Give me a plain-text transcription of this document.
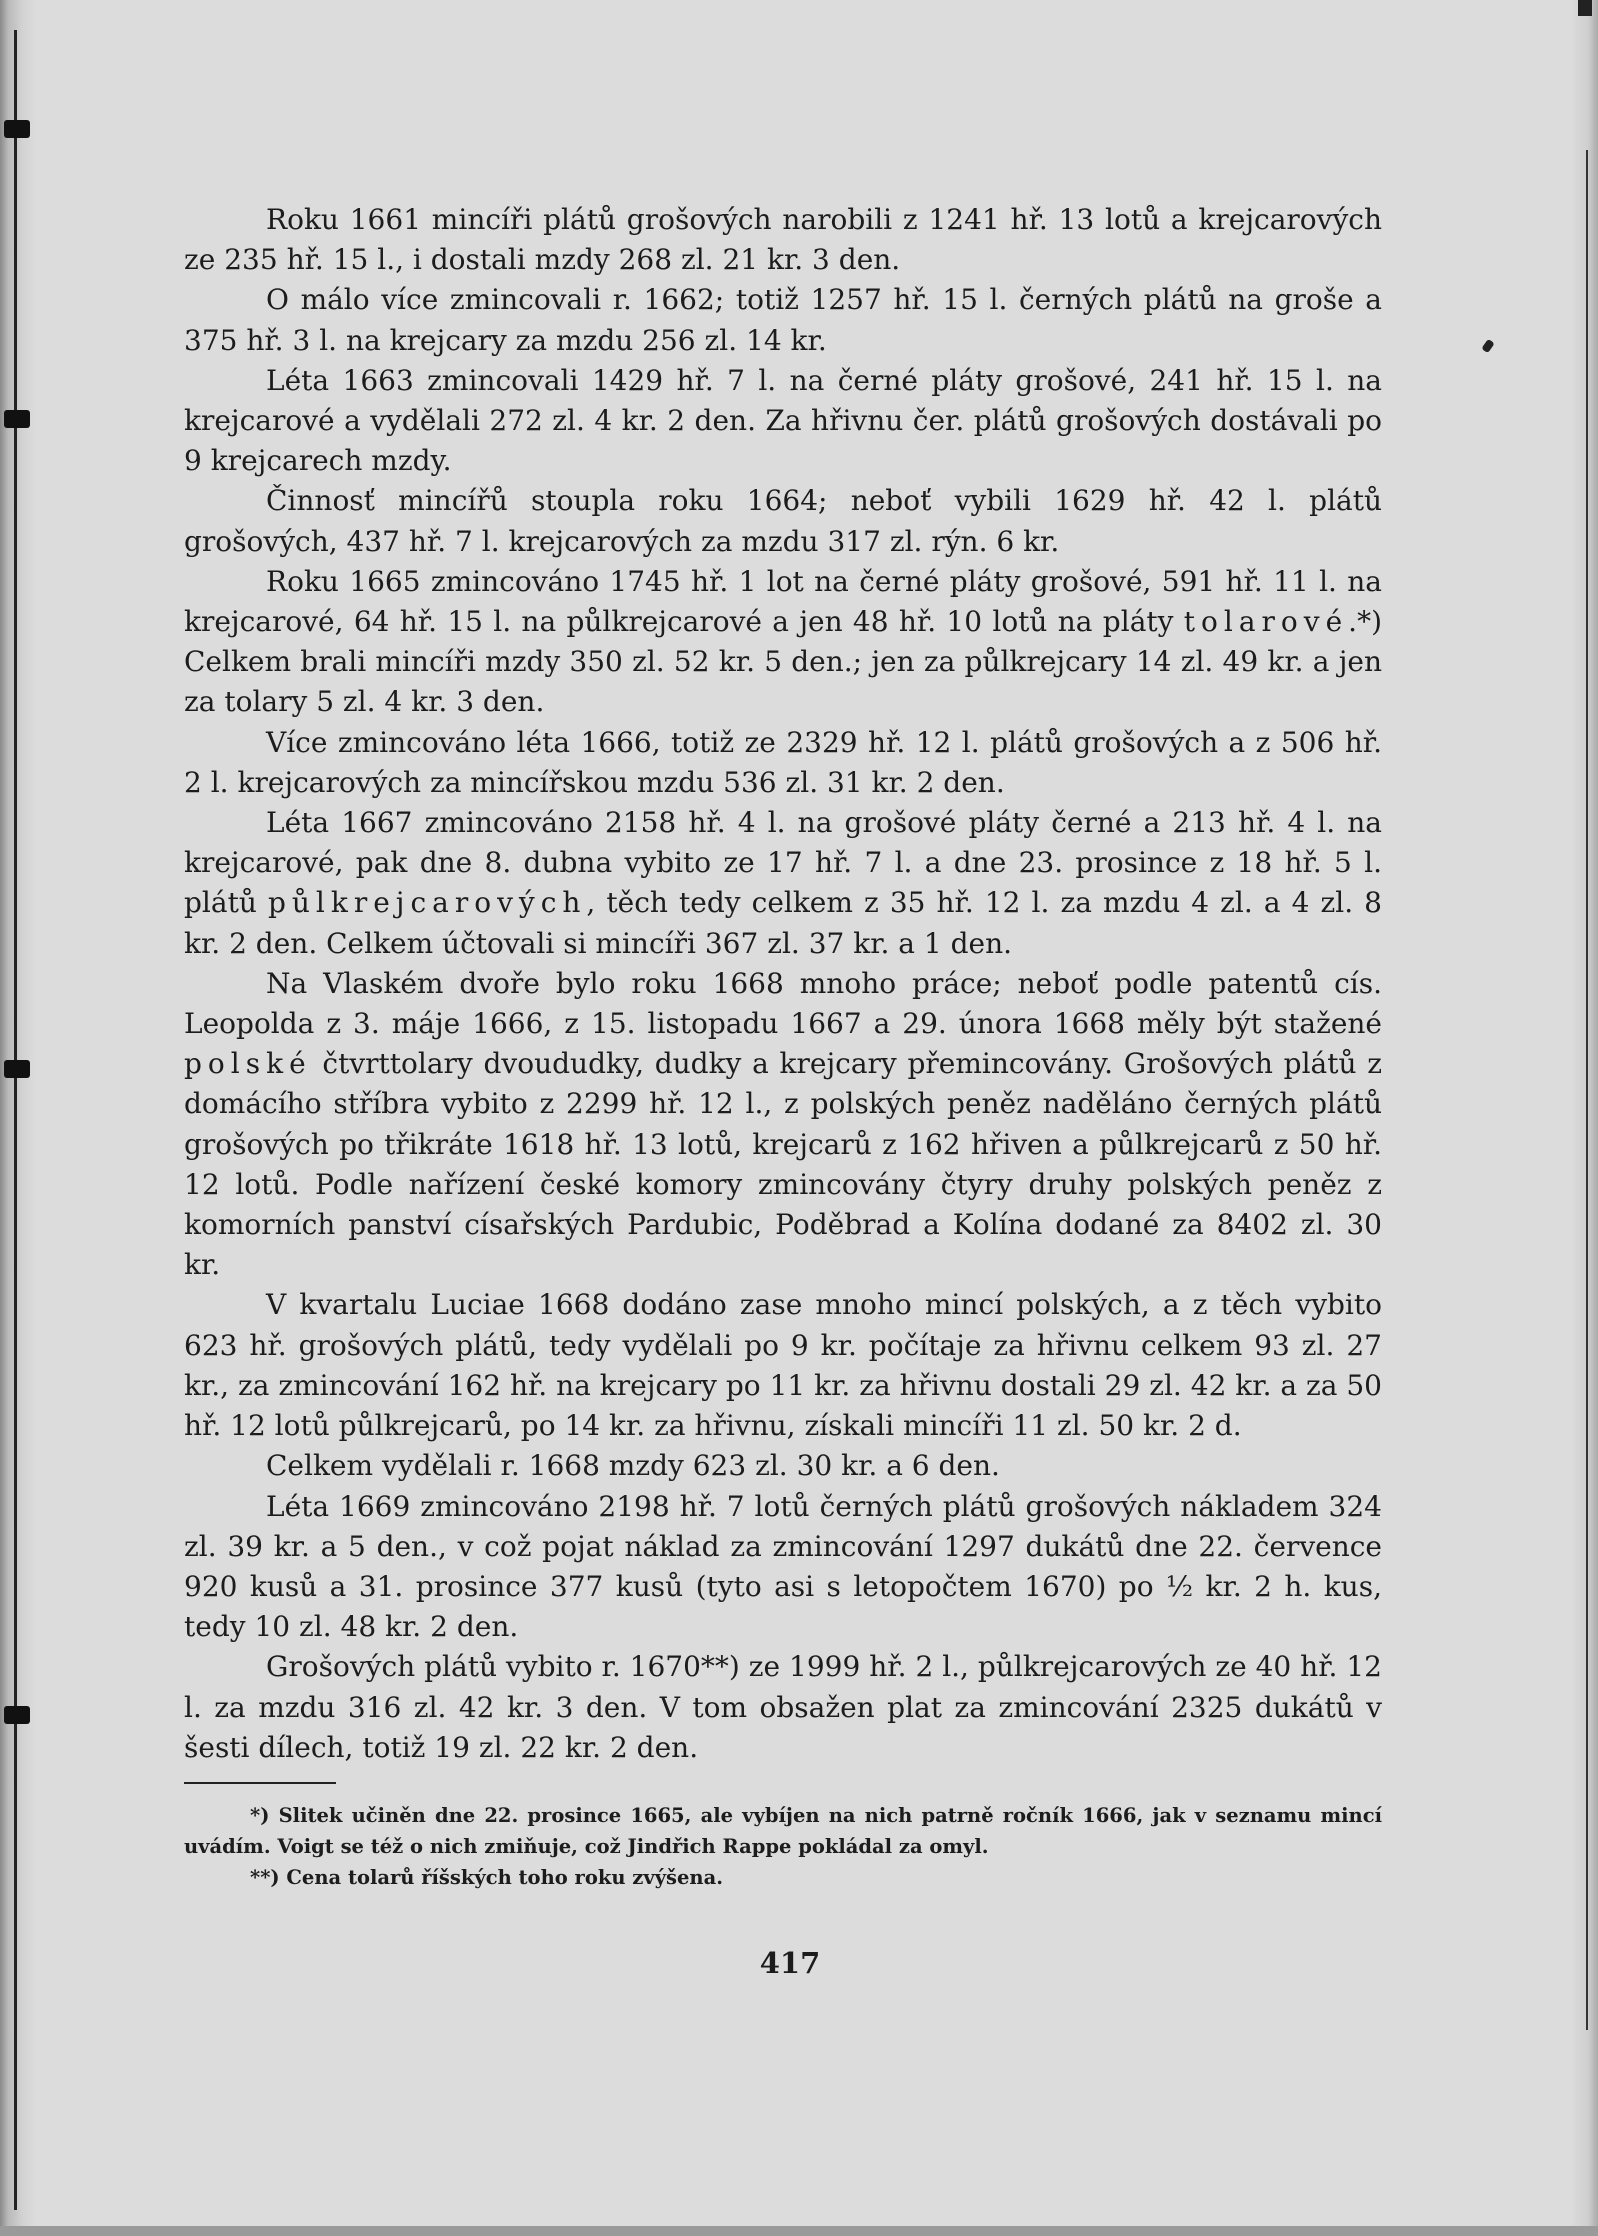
Roku 1661 mincíři plátů grošových narobili z 1241 hř. 13 lotů a krejcarových ze 235 hř. 15 l., i dostali mzdy 268 zl. 21 kr. 3 den.

O málo více zmincovali r. 1662; totiž 1257 hř. 15 l. černých plátů na groše a 375 hř. 3 l. na krejcary za mzdu 256 zl. 14 kr.

Léta 1663 zmincovali 1429 hř. 7 l. na černé pláty grošové, 241 hř. 15 l. na krejcarové a vydělali 272 zl. 4 kr. 2 den. Za hřivnu čer. plátů grošových dostávali po 9 krejcarech mzdy.

Činnosť mincířů stoupla roku 1664; neboť vybili 1629 hř. 42 l. plátů grošových, 437 hř. 7 l. krejcarových za mzdu 317 zl. rýn. 6 kr.

Roku 1665 zmincováno 1745 hř. 1 lot na černé pláty grošové, 591 hř. 11 l. na krejcarové, 64 hř. 15 l. na půlkrejcarové a jen 48 hř. 10 lotů na pláty tolarové.*) Celkem brali mincíři mzdy 350 zl. 52 kr. 5 den.; jen za půlkrejcary 14 zl. 49 kr. a jen za tolary 5 zl. 4 kr. 3 den.

Více zmincováno léta 1666, totiž ze 2329 hř. 12 l. plátů grošových a z 506 hř. 2 l. krejcarových za mincířskou mzdu 536 zl. 31 kr. 2 den.

Léta 1667 zmincováno 2158 hř. 4 l. na grošové pláty černé a 213 hř. 4 l. na krejcarové, pak dne 8. dubna vybito ze 17 hř. 7 l. a dne 23. prosince z 18 hř. 5 l. plátů půlkrejcarových, těch tedy celkem z 35 hř. 12 l. za mzdu 4 zl. a 4 zl. 8 kr. 2 den. Celkem účtovali si mincíři 367 zl. 37 kr. a 1 den.

Na Vlaském dvoře bylo roku 1668 mnoho práce; neboť podle patentů cís. Leopolda z 3. máje 1666, z 15. listopadu 1667 a 29. února 1668 měly být stažené polské čtvrttolary dvoududky, dudky a krejcary přemincovány. Grošových plátů z domácího stříbra vybito z 2299 hř. 12 l., z polských peněz naděláno černých plátů grošových po třikráte 1618 hř. 13 lotů, krejcarů z 162 hřiven a půlkrejcarů z 50 hř. 12 lotů. Podle nařízení české komory zmincovány čtyry druhy polských peněz z komorních panství císařských Pardubic, Poděbrad a Kolína dodané za 8402 zl. 30 kr.

V kvartalu Luciae 1668 dodáno zase mnoho mincí polských, a z těch vybito 623 hř. grošových plátů, tedy vydělali po 9 kr. počítaje za hřivnu celkem 93 zl. 27 kr., za zmincování 162 hř. na krejcary po 11 kr. za hřivnu dostali 29 zl. 42 kr. a za 50 hř. 12 lotů půlkrejcarů, po 14 kr. za hřivnu, získali mincíři 11 zl. 50 kr. 2 d.

Celkem vydělali r. 1668 mzdy 623 zl. 30 kr. a 6 den.

Léta 1669 zmincováno 2198 hř. 7 lotů černých plátů grošových nákladem 324 zl. 39 kr. a 5 den., v což pojat náklad za zmincování 1297 dukátů dne 22. července 920 kusů a 31. prosince 377 kusů (tyto asi s letopočtem 1670) po ½ kr. 2 h. kus, tedy 10 zl. 48 kr. 2 den.

Grošových plátů vybito r. 1670**) ze 1999 hř. 2 l., půlkrejcarových ze 40 hř. 12 l. za mzdu 316 zl. 42 kr. 3 den. V tom obsažen plat za zmincování 2325 dukátů v šesti dílech, totiž 19 zl. 22 kr. 2 den.

*) Slitek učiněn dne 22. prosince 1665, ale vybíjen na nich patrně ročník 1666, jak v seznamu mincí uvádím. Voigt se též o nich zmiňuje, což Jindřich Rappe pokládal za omyl.

**) Cena tolarů říšských toho roku zvýšena.

417
